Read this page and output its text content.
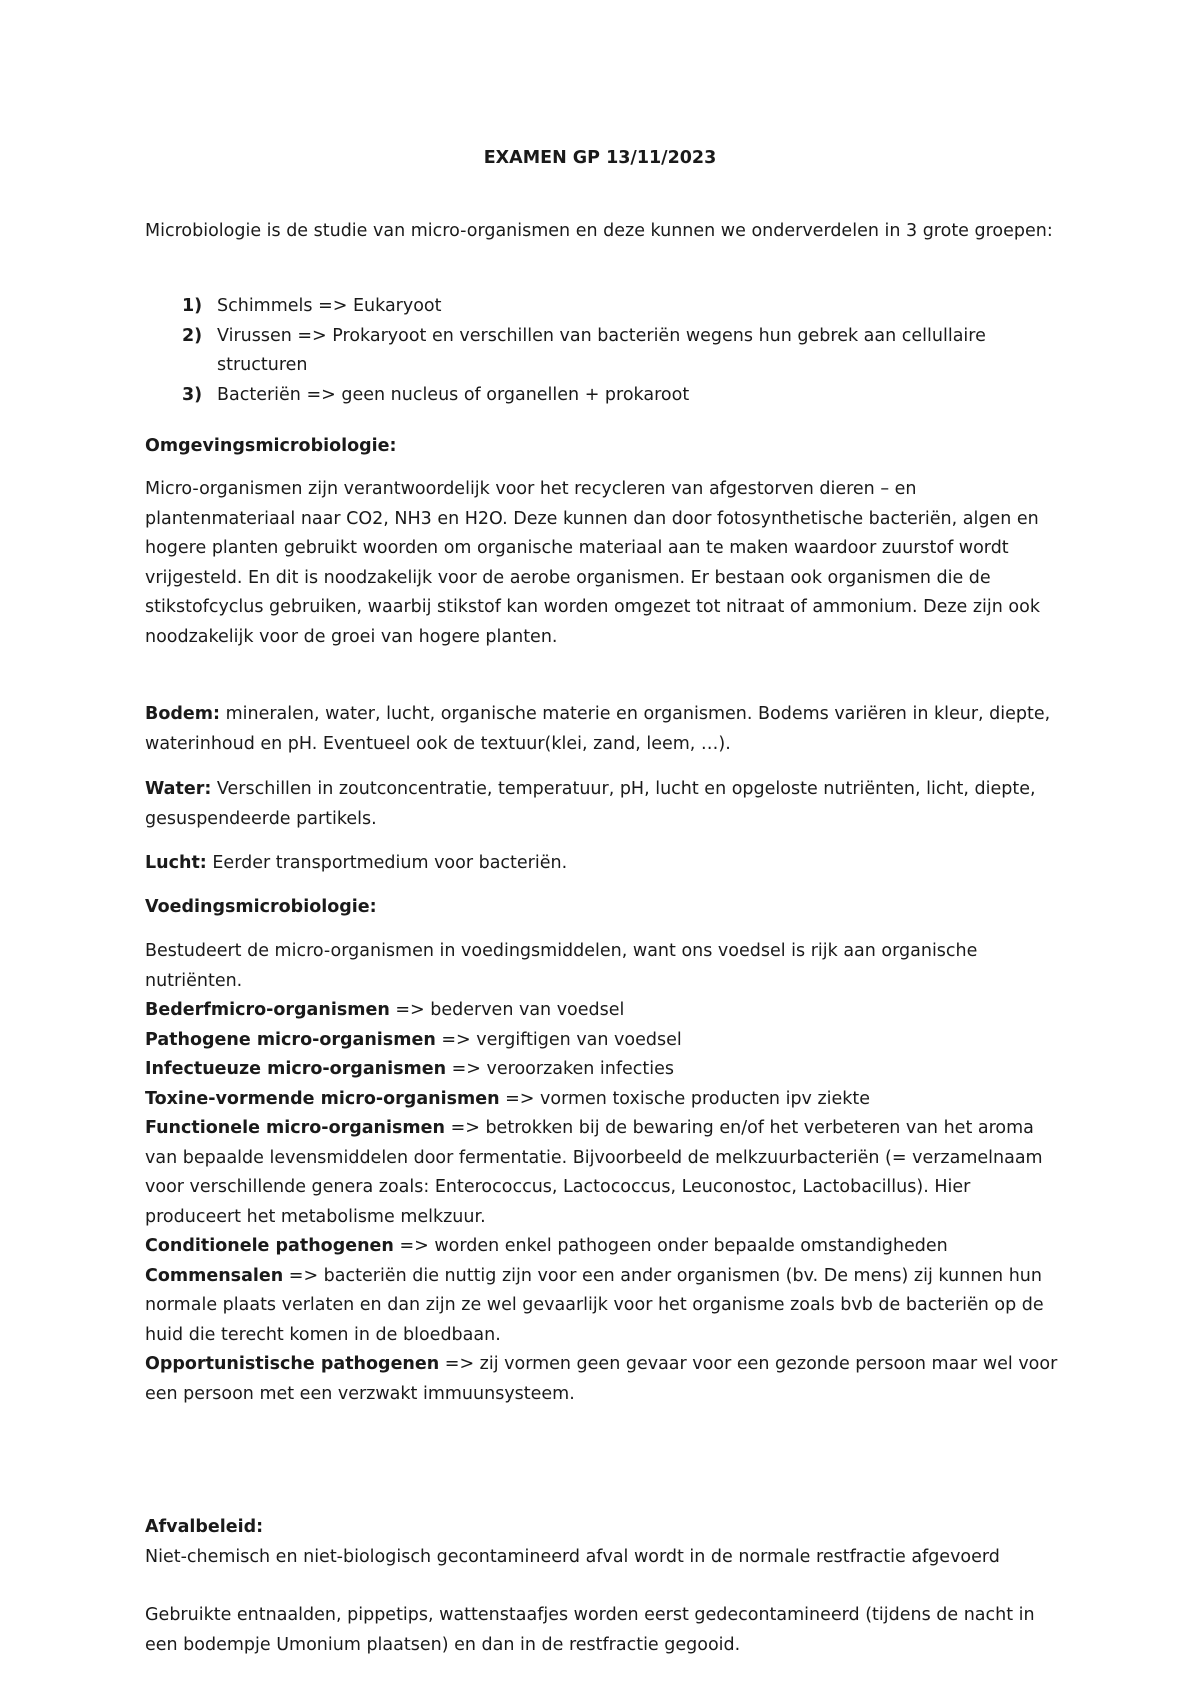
EXAMEN GP 13/11/2023

Microbiologie is de studie van micro-organismen en deze kunnen we onderverdelen in 3 grote groepen:

1) Schimmels => Eukaryoot
2) Virussen => Prokaryoot en verschillen van bacteriën wegens hun gebrek aan cellullaire structuren
3) Bacteriën => geen nucleus of organellen + prokaroot

Omgevingsmicrobiologie:

Micro-organismen zijn verantwoordelijk voor het recycleren van afgestorven dieren – en plantenmateriaal naar CO2, NH3 en H2O. Deze kunnen dan door fotosynthetische bacteriën, algen en hogere planten gebruikt woorden om organische materiaal aan te maken waardoor zuurstof wordt vrijgesteld. En dit is noodzakelijk voor de aerobe organismen. Er bestaan ook organismen die de stikstofcyclus gebruiken, waarbij stikstof kan worden omgezet tot nitraat of ammonium. Deze zijn ook noodzakelijk voor de groei van hogere planten.

Bodem: mineralen, water, lucht, organische materie en organismen. Bodems variëren in kleur, diepte, waterinhoud en pH. Eventueel ook de textuur(klei, zand, leem, …).

Water: Verschillen in zoutconcentratie, temperatuur, pH, lucht en opgeloste nutriënten, licht, diepte, gesuspendeerde partikels.

Lucht: Eerder transportmedium voor bacteriën.

Voedingsmicrobiologie:

Bestudeert de micro-organismen in voedingsmiddelen, want ons voedsel is rijk aan organische nutriënten.

Bederfmicro-organismen => bederven van voedsel

Pathogene micro-organismen => vergiftigen van voedsel

Infectueuze micro-organismen => veroorzaken infecties

Toxine-vormende micro-organismen => vormen toxische producten ipv ziekte

Functionele micro-organismen => betrokken bij de bewaring en/of het verbeteren van het aroma van bepaalde levensmiddelen door fermentatie. Bijvoorbeeld de melkzuurbacteriën (= verzamelnaam voor verschillende genera zoals: Enterococcus, Lactococcus, Leuconostoc, Lactobacillus). Hier produceert het metabolisme melkzuur.

Conditionele pathogenen => worden enkel pathogeen onder bepaalde omstandigheden

Commensalen => bacteriën die nuttig zijn voor een ander organismen (bv. De mens) zij kunnen hun normale plaats verlaten en dan zijn ze wel gevaarlijk voor het organisme zoals bvb de bacteriën op de huid die terecht komen in de bloedbaan.

Opportunistische pathogenen => zij vormen geen gevaar voor een gezonde persoon maar wel voor een persoon met een verzwakt immuunsysteem.

Afvalbeleid:

Niet-chemisch en niet-biologisch gecontamineerd afval wordt in de normale restfractie afgevoerd

Gebruikte entnaalden, pippetips, wattenstaafjes worden eerst gedecontamineerd (tijdens de nacht in een bodempje Umonium plaatsen) en dan in de restfractie gegooid.
